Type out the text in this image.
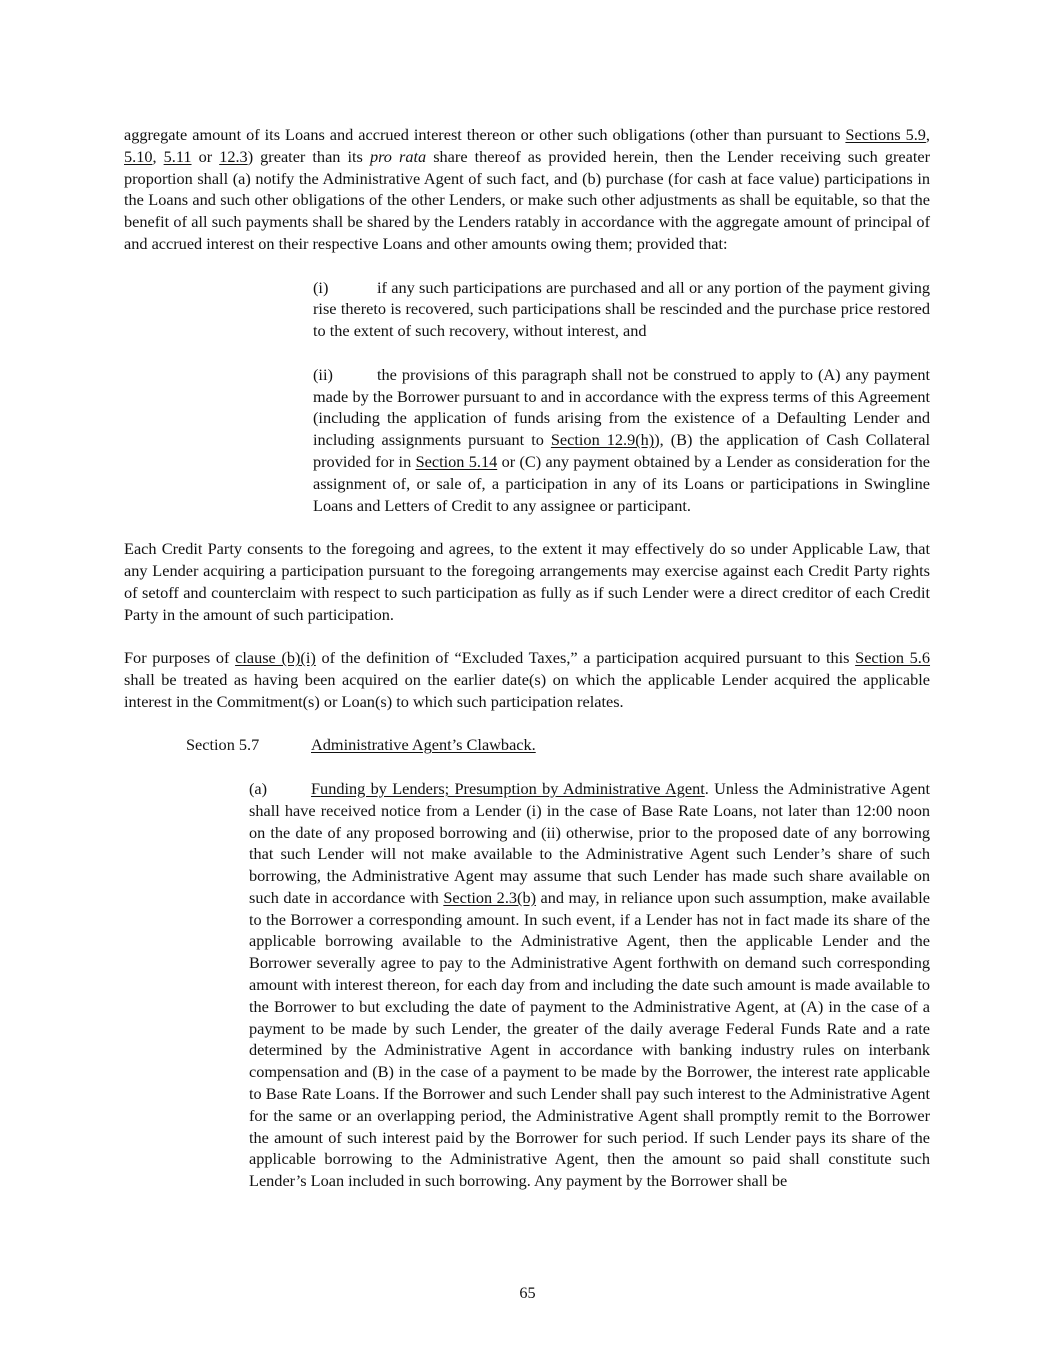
aggregate amount of its Loans and accrued interest thereon or other such obligations (other than pursuant to Sections 5.9, 5.10, 5.11 or 12.3) greater than its pro rata share thereof as provided herein, then the Lender receiving such greater proportion shall (a) notify the Administrative Agent of such fact, and (b) purchase (for cash at face value) participations in the Loans and such other obligations of the other Lenders, or make such other adjustments as shall be equitable, so that the benefit of all such payments shall be shared by the Lenders ratably in accordance with the aggregate amount of principal of and accrued interest on their respective Loans and other amounts owing them; provided that:

(i)	if any such participations are purchased and all or any portion of the payment giving rise thereto is recovered, such participations shall be rescinded and the purchase price restored to the extent of such recovery, without interest, and

(ii)	the provisions of this paragraph shall not be construed to apply to (A) any payment made by the Borrower pursuant to and in accordance with the express terms of this Agreement (including the application of funds arising from the existence of a Defaulting Lender and including assignments pursuant to Section 12.9(h)), (B) the application of Cash Collateral provided for in Section 5.14 or (C) any payment obtained by a Lender as consideration for the assignment of, or sale of, a participation in any of its Loans or participations in Swingline Loans and Letters of Credit to any assignee or participant.

Each Credit Party consents to the foregoing and agrees, to the extent it may effectively do so under Applicable Law, that any Lender acquiring a participation pursuant to the foregoing arrangements may exercise against each Credit Party rights of setoff and counterclaim with respect to such participation as fully as if such Lender were a direct creditor of each Credit Party in the amount of such participation.

For purposes of clause (b)(i) of the definition of “Excluded Taxes,” a participation acquired pursuant to this Section 5.6 shall be treated as having been acquired on the earlier date(s) on which the applicable Lender acquired the applicable interest in the Commitment(s) or Loan(s) to which such participation relates.

Section 5.7	Administrative Agent’s Clawback.

(a)	Funding by Lenders; Presumption by Administrative Agent. Unless the Administrative Agent shall have received notice from a Lender (i) in the case of Base Rate Loans, not later than 12:00 noon on the date of any proposed borrowing and (ii) otherwise, prior to the proposed date of any borrowing that such Lender will not make available to the Administrative Agent such Lender’s share of such borrowing, the Administrative Agent may assume that such Lender has made such share available on such date in accordance with Section 2.3(b) and may, in reliance upon such assumption, make available to the Borrower a corresponding amount. In such event, if a Lender has not in fact made its share of the applicable borrowing available to the Administrative Agent, then the applicable Lender and the Borrower severally agree to pay to the Administrative Agent forthwith on demand such corresponding amount with interest thereon, for each day from and including the date such amount is made available to the Borrower to but excluding the date of payment to the Administrative Agent, at (A) in the case of a payment to be made by such Lender, the greater of the daily average Federal Funds Rate and a rate determined by the Administrative Agent in accordance with banking industry rules on interbank compensation and (B) in the case of a payment to be made by the Borrower, the interest rate applicable to Base Rate Loans. If the Borrower and such Lender shall pay such interest to the Administrative Agent for the same or an overlapping period, the Administrative Agent shall promptly remit to the Borrower the amount of such interest paid by the Borrower for such period. If such Lender pays its share of the applicable borrowing to the Administrative Agent, then the amount so paid shall constitute such Lender’s Loan included in such borrowing. Any payment by the Borrower shall be

65
